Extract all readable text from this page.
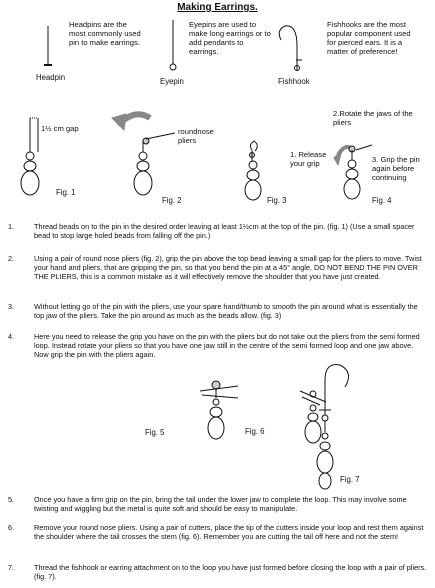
Making Earrings.
Headpins are the most commonly used pin to make earrings.
Headpin
Eyepins are used to make long earrings or to add pendants to earrings.
Eyepin
Fishhooks are the most popular component used for pierced ears. It is a matter of preference!
Fishhook
1½ cm gap	roundnose pliers
1. Release your grip
2.Rotate the jaws of the pliers
3. Grip the pin again before continuing
Fig. 1
Fig. 2	Fig. 3	Fig. 4
Fig. 5	Fig. 6
Fig. 7
1.	Thread beads on to the pin in the desired order leaving at least 1½cm at the top of the pin. (fig. 1) (Use a small spacer bead to stop large holed beads from falling off the pin.)
2.	Using a pair of round nose pliers (fig. 2), grip the pin above the top bead leaving a small gap for the pliers to move. Twist your hand and pliers, that are gripping the pin, so that you bend the pin at a 45° angle. DO NOT BEND THE PIN OVER THE PLIERS, this is a common mistake as it will effectively remove the shoulder that you have just created.
3.	Without letting go of the pin with the pliers, use your spare hand/thumb to smooth the pin around what is essentially the top jaw of the pliers. Take the pin around as much as the beads allow. (fig. 3)
4.	Here you need to release the grip you have on the pin with the pliers but do not take out the pliers from the semi formed loop. Instead rotate your pliers so that you have one jaw still in the centre of the semi formed loop and one jaw above. Now grip the pin with the pliers again.
5.	Once you have a firm grip on the pin, bring the tail under the lower jaw to complete the loop. This may involve some twisting and wiggling but the metal is quite soft and should be easy to manipulate.
6.	Remove your round nose pliers. Using a pair of cutters, place the tip of the cutters inside your loop and rest them against the shoulder where the tail crosses the stem (fig. 6). Remember you are cutting the tail off here and not the stem!
7.	Thread the fishhook or earring attachment on to the loop you have just formed before closing the loop with a pair of pliers. (fig. 7).
